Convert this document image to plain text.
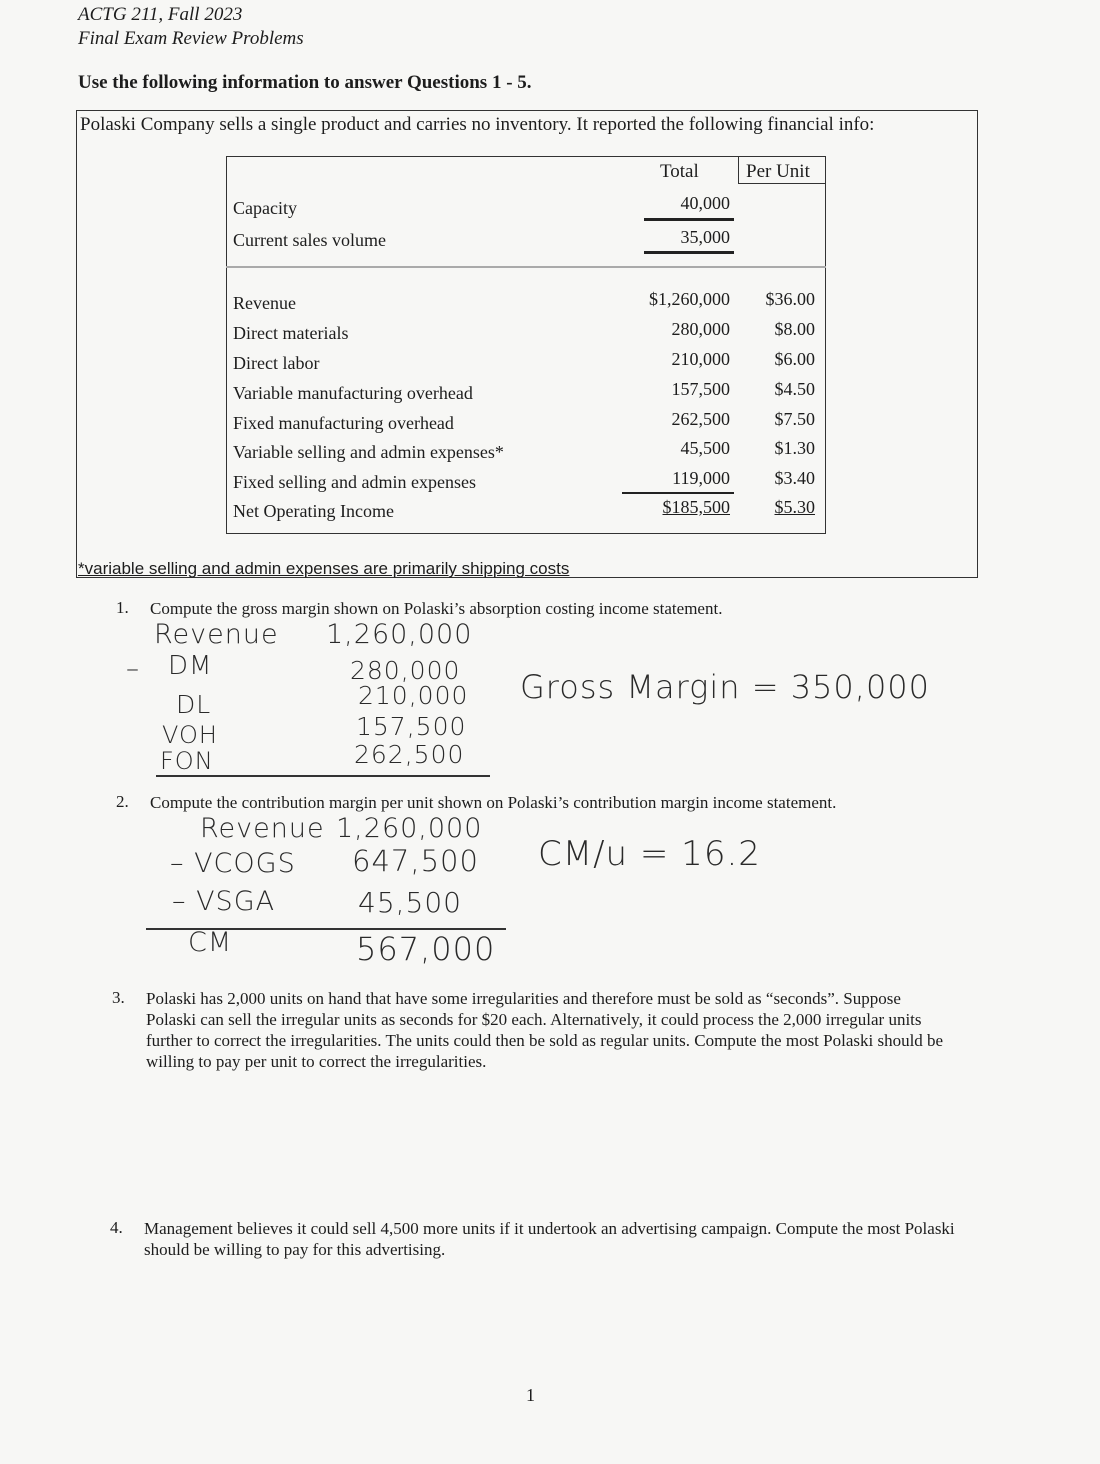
ACTG 211, Fall 2023
Final Exam Review Problems
Use the following information to answer Questions 1 - 5.
Polaski Company sells a single product and carries no inventory. It reported the following financial info:
Total Per Unit
Capacity	40,000
Current sales volume	35,000
Revenue	$1,260,000 $36.00
Direct materials	280,000 $8.00
Direct labor	210,000 $6.00
Variable manufacturing overhead	157,500 $4.50
Fixed manufacturing overhead	262,500 $7.50
Variable selling and admin expenses*	45,500 $1.30
Fixed selling and admin expenses	119,000 $3.40
Net Operating Income	$185,500 $5.30
*variable selling and admin expenses are primarily shipping costs
1. Compute the gross margin shown on Polaski’s absorption costing income statement.
Revenue 1,260,000
– DM	280,000
DL	210,000
VOH	157,500
FON	262,500
Gross Margin = 350,000
2. Compute the contribution margin per unit shown on Polaski’s contribution margin income statement.
Revenue 1,260,000
– VCOGS 647,500
– VSGA	45,500
CM	567,000
CM/u = 16.2
3. Polaski has 2,000 units on hand that have some irregularities and therefore must be sold as “seconds”. Suppose Polaski can sell the irregular units as seconds for $20 each. Alternatively, it could process the 2,000 irregular units further to correct the irregularities. The units could then be sold as regular units. Compute the most Polaski should be willing to pay per unit to correct the irregularities.
4. Management believes it could sell 4,500 more units if it undertook an advertising campaign. Compute the most Polaski should be willing to pay for this advertising.
1
